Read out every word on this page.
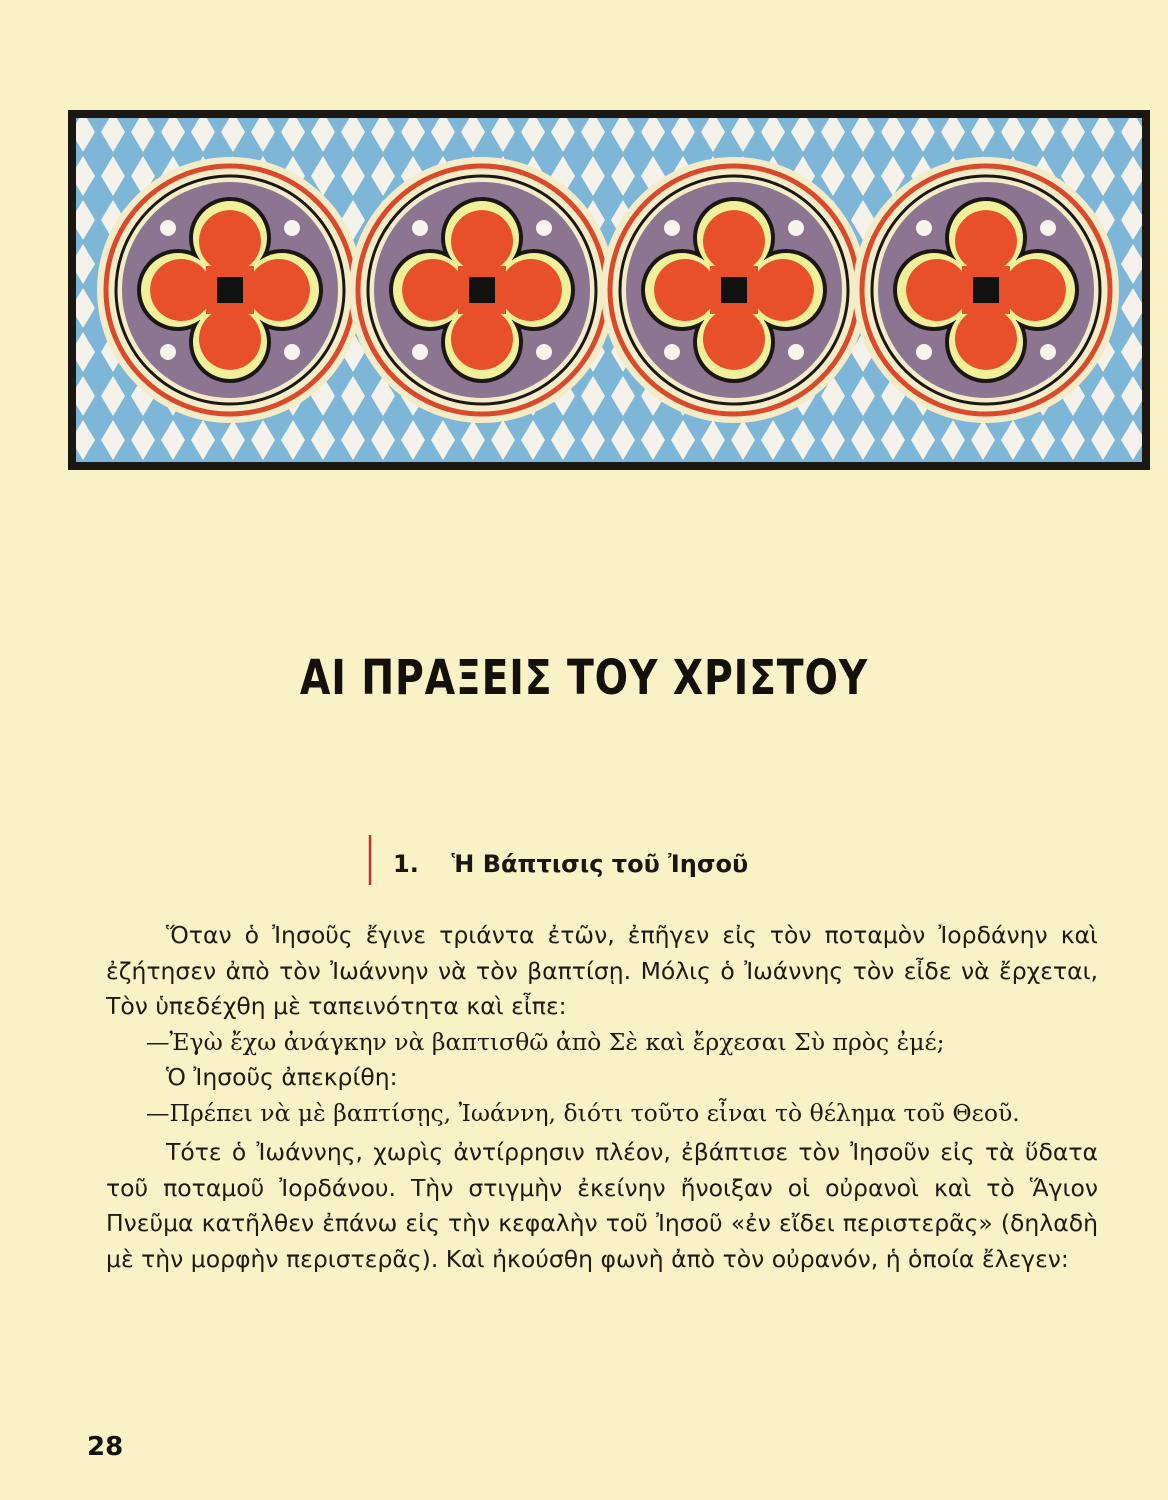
ΑΙ ΠΡΑΞΕΙΣ ΤΟΥ ΧΡΙΣΤΟΥ
1. Ἡ Βάπτισις τοῦ Ἰησοῦ

Ὅταν ὁ Ἰησοῦς ἔγινε τριάντα ἐτῶν, ἐπῆγεν εἰς τὸν ποταμὸν Ἰορδάνην καὶ ἐζήτησεν ἀπὸ τὸν Ἰωάννην νὰ τὸν βαπτίσῃ. Μόλις ὁ Ἰωάννης τὸν εἶδε νὰ ἔρχεται, Τὸν ὑπεδέχθη μὲ ταπεινότητα καὶ εἶπε:

—Ἐγὼ ἔχω ἀνάγκην νὰ βαπτισθῶ ἀπὸ Σὲ καὶ ἔρχεσαι Σὺ πρὸς ἐμέ;

Ὁ Ἰησοῦς ἀπεκρίθη:

—Πρέπει νὰ μὲ βαπτίσῃς, Ἰωάννη, διότι τοῦτο εἶναι τὸ θέλημα τοῦ Θεοῦ.

Τότε ὁ Ἰωάννης, χωρὶς ἀντίρρησιν πλέον, ἐβάπτισε τὸν Ἰησοῦν εἰς τὰ ὕδατα τοῦ ποταμοῦ Ἰορδάνου. Τὴν στιγμὴν ἐκείνην ἤνοιξαν οἱ οὐρανοὶ καὶ τὸ Ἅγιον Πνεῦμα κατῆλθεν ἐπάνω εἰς τὴν κεφαλὴν τοῦ Ἰησοῦ «ἐν εἴδει περιστερᾶς» (δηλαδὴ μὲ τὴν μορφὴν περιστερᾶς). Καὶ ἠκούσθη φωνὴ ἀπὸ τὸν οὐρανόν, ἡ ὁποία ἔλεγεν:

28
